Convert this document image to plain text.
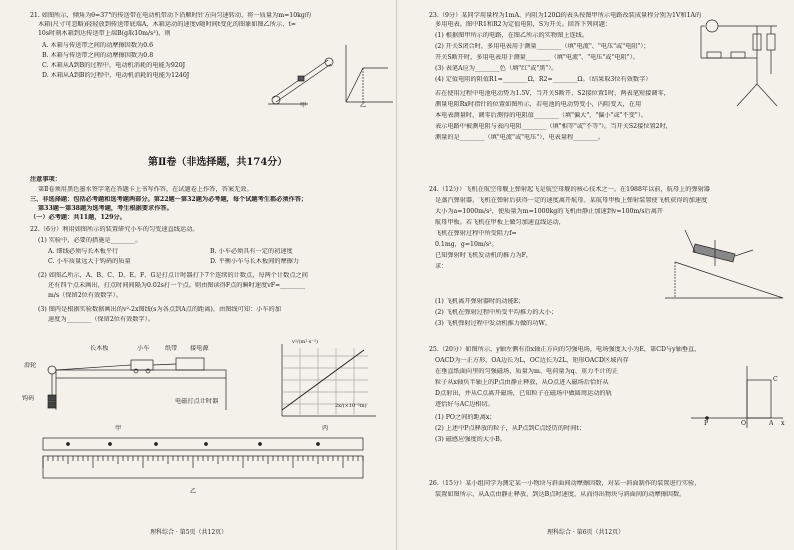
21. 如图所示，倾角为θ=37°的传送带在电动机带动下沿顺时针方向匀速转动，将一质量为m=10kg的
木箱(尺寸可忽略)轻轻放到传送带底端A，木箱运动的速度v随时间t变化的图象如图乙所示，t=
10s时刻木箱到达传送带上端B(g取10m/s²)，则
A. 木箱与传送带之间的动摩擦因数为0.6
B. 木箱与传送带之间的动摩擦因数为0.8
C. 木箱从A到B的过程中，电动机消耗的电能为920J
D. 木箱从A到B的过程中，电动机消耗的电能为1240J
甲	乙
第Ⅱ卷（非选择题，共174分）
注意事项：
第Ⅱ卷须用黑色墨水签字笔在答题卡上书写作答，在试题卷上作答，答案无效。
三、非选择题：包括必考题和选考题两部分。第22题～第32题为必考题，每个试题考生都必须作答；
第33题～第38题为选考题，考生根据要求作答。
（一）必考题：共11题，129分。
22.（6分）利用如图所示的装置研究小车的匀变速直线运动。
(1) 实验中，必要的措施是________。
A. 细线必须与长木板平行	B. 小车必须具有一定的初速度
C. 小车质量远大于钩码的质量	D. 平衡小车与长木板间的摩擦力
(2) 如图乙所示，A、B、C、D、E、F、G是打点计时器打下7个连续的计数点，每两个计数点之间
还有四个点未画出，打点时间间隔为0.02s打一个点。则由图读得F点的瞬时速度vF=________
m/s（保留2位有效数字）。
(3) 图丙是根据实验数据画出的v²-2x图线(s为各点到A点的距离)，由图线可知：小车的加
速度为________（保留2位有效数字）。
长木板	小车	纸带 接电源
滑轮
钩码	电磁打点计时器
甲
v²/(m²·s⁻²)
2x/(×10⁻²m)
丙
乙
理科综合 · 第5页（共12页）
23.（9分）某同学用量程为1mA、内阻为120Ω的表头按图甲所示电路改装成量程分别为1V和1A的
多用电表。图中R1和R2为定值电阻，S为开关。回答下列问题：
(1) 根据图甲所示的电路，在图乙所示的实物图上连线。
(2) 开关S闭合时，多用电表用于测量________（填"电流"、"电压"或"电阻"）；
开关S断开时，多用电表用于测量________（填"电流"、"电压"或"电阻"）。
(3) 表笔A应为________色（填"红"或"黑"）。
(4) 定值电阻的阻值R1=________Ω，R2=________Ω。（结果取3位有效数字）
若在使用过程中电池电动势为1.5V，当开关S断开，S2接位置1时，两表笔短接调零，
测量电阻Rx时指针的位置如图所示，若电池的电动势变小，内阻变大，在用
本电表测量时，调零后测得的电阻值________（填"偏大"、"偏小"或"不变"）。
表示电路中被测电阻与表内电阻________（填"相等"或"不等"）。当开关S2接位置2时，
测量的是________（填"电流"或"电压"），电表量程________。
24.（12分）飞机在航空母舰上弹射起飞是航空母舰的核心技术之一。在1988年以前，航母上的弹射器
是蒸汽弹射器，飞机在弹射后获得一定的速度离开航母。某航母甲板上弹射装置使飞机获得的加速度
大小为a=1000m/s²，使质量为m=1000kg的飞机由静止加速到v=100m/s后离开
航母甲板。若飞机在甲板上做匀加速直线运动，
飞机在弹射过程中所受阻力f=
0.1mg，g=10m/s²。
已知弹射时飞机发动机的推力为F，
求：
(1) 飞机离开弹射器时的动能E；
(2) 飞机在弹射过程中所受平均推力的大小；
(3) 飞机弹射过程中发动机推力做的功W。
25.（20分）如图所示，y轴左侧有沿x轴正方向的匀强电场，电场强度大小为E，第CD与y轴垂直，
OACD为一正方形，OA边长为L，OC边长为2L，矩形OACD区域内存
在垂直纸面向里的匀强磁场，质量为m、电荷量为q、重力不计的正
粒子从x轴负半轴上的P点由静止释放，从O点进入磁场后恰好从
D点射出，并从C点离开磁场，已知粒子在磁场中做圆周运动的轨
迹恰好与AC边相切。
(1) PO之间的距离x；
(2) 上述中P点释放的粒子，从P点到C点经历的时间t；
(3) 磁感应强度的大小B。
P	O	A
C
x
26.（15分）某小组同学为测定某一小物块与斜面间动摩擦因数，对某一斜面制作的装置进行实验，
装置如图所示，从A点由静止释放，到达B点时速度，从而得出物块与斜面间的动摩擦因数。
理科综合 · 第6页（共12页）
